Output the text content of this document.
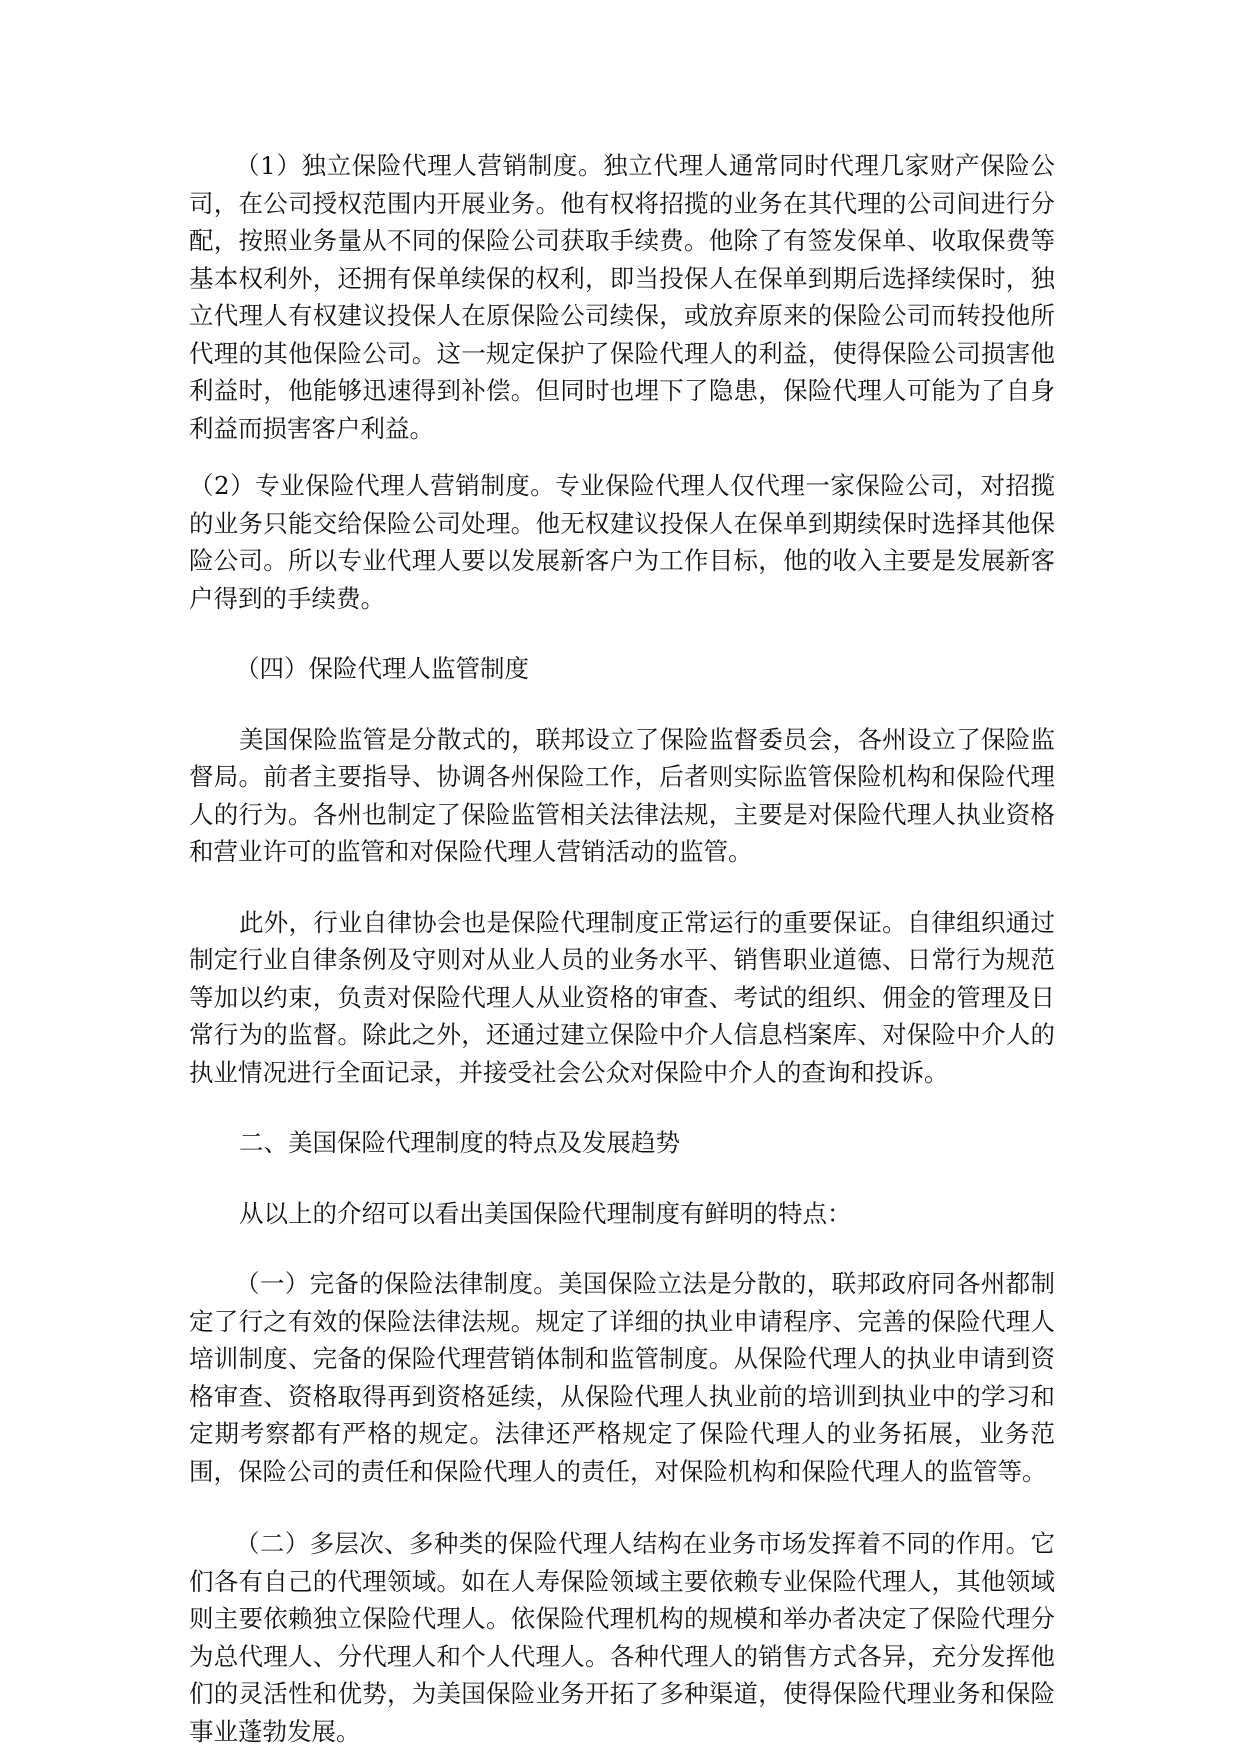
（1）独立保险代理人营销制度。独立代理人通常同时代理几家财产保险公司，在公司授权范围内开展业务。他有权将招揽的业务在其代理的公司间进行分配，按照业务量从不同的保险公司获取手续费。他除了有签发保单、收取保费等基本权利外，还拥有保单续保的权利，即当投保人在保单到期后选择续保时，独立代理人有权建议投保人在原保险公司续保，或放弃原来的保险公司而转投他所代理的其他保险公司。这一规定保护了保险代理人的利益，使得保险公司损害他利益时，他能够迅速得到补偿。但同时也埋下了隐患，保险代理人可能为了自身利益而损害客户利益。

（2）专业保险代理人营销制度。专业保险代理人仅代理一家保险公司，对招揽的业务只能交给保险公司处理。他无权建议投保人在保单到期续保时选择其他保险公司。所以专业代理人要以发展新客户为工作目标，他的收入主要是发展新客户得到的手续费。

（四）保险代理人监管制度

美国保险监管是分散式的，联邦设立了保险监督委员会，各州设立了保险监督局。前者主要指导、协调各州保险工作，后者则实际监管保险机构和保险代理人的行为。各州也制定了保险监管相关法律法规，主要是对保险代理人执业资格和营业许可的监管和对保险代理人营销活动的监管。

此外，行业自律协会也是保险代理制度正常运行的重要保证。自律组织通过制定行业自律条例及守则对从业人员的业务水平、销售职业道德、日常行为规范等加以约束，负责对保险代理人从业资格的审查、考试的组织、佣金的管理及日常行为的监督。除此之外，还通过建立保险中介人信息档案库、对保险中介人的执业情况进行全面记录，并接受社会公众对保险中介人的查询和投诉。

二、美国保险代理制度的特点及发展趋势

从以上的介绍可以看出美国保险代理制度有鲜明的特点：

（一）完备的保险法律制度。美国保险立法是分散的，联邦政府同各州都制定了行之有效的保险法律法规。规定了详细的执业申请程序、完善的保险代理人培训制度、完备的保险代理营销体制和监管制度。从保险代理人的执业申请到资格审查、资格取得再到资格延续，从保险代理人执业前的培训到执业中的学习和定期考察都有严格的规定。法律还严格规定了保险代理人的业务拓展，业务范围，保险公司的责任和保险代理人的责任，对保险机构和保险代理人的监管等。

（二）多层次、多种类的保险代理人结构在业务市场发挥着不同的作用。它们各有自己的代理领域。如在人寿保险领域主要依赖专业保险代理人，其他领域则主要依赖独立保险代理人。依保险代理机构的规模和举办者决定了保险代理分为总代理人、分代理人和个人代理人。各种代理人的销售方式各异，充分发挥他们的灵活性和优势，为美国保险业务开拓了多种渠道，使得保险代理业务和保险事业蓬勃发展。
